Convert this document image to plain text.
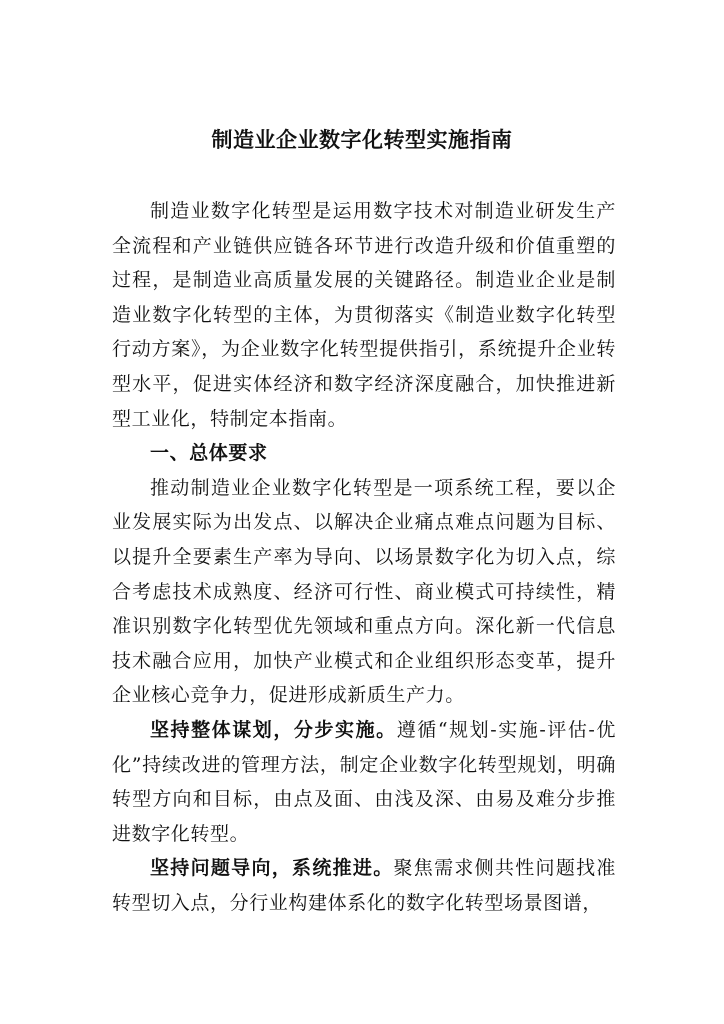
制造业企业数字化转型实施指南

制造业数字化转型是运用数字技术对制造业研发生产全流程和产业链供应链各环节进行改造升级和价值重塑的过程，是制造业高质量发展的关键路径。制造业企业是制造业数字化转型的主体，为贯彻落实《制造业数字化转型行动方案》，为企业数字化转型提供指引，系统提升企业转型水平，促进实体经济和数字经济深度融合，加快推进新型工业化，特制定本指南。

一、总体要求

推动制造业企业数字化转型是一项系统工程，要以企业发展实际为出发点、以解决企业痛点难点问题为目标、以提升全要素生产率为导向、以场景数字化为切入点，综合考虑技术成熟度、经济可行性、商业模式可持续性，精准识别数字化转型优先领域和重点方向。深化新一代信息技术融合应用，加快产业模式和企业组织形态变革，提升企业核心竞争力，促进形成新质生产力。

坚持整体谋划，分步实施。遵循“规划-实施-评估-优化”持续改进的管理方法，制定企业数字化转型规划，明确转型方向和目标，由点及面、由浅及深、由易及难分步推进数字化转型。

坚持问题导向，系统推进。聚焦需求侧共性问题找准转型切入点，分行业构建体系化的数字化转型场景图谱，
